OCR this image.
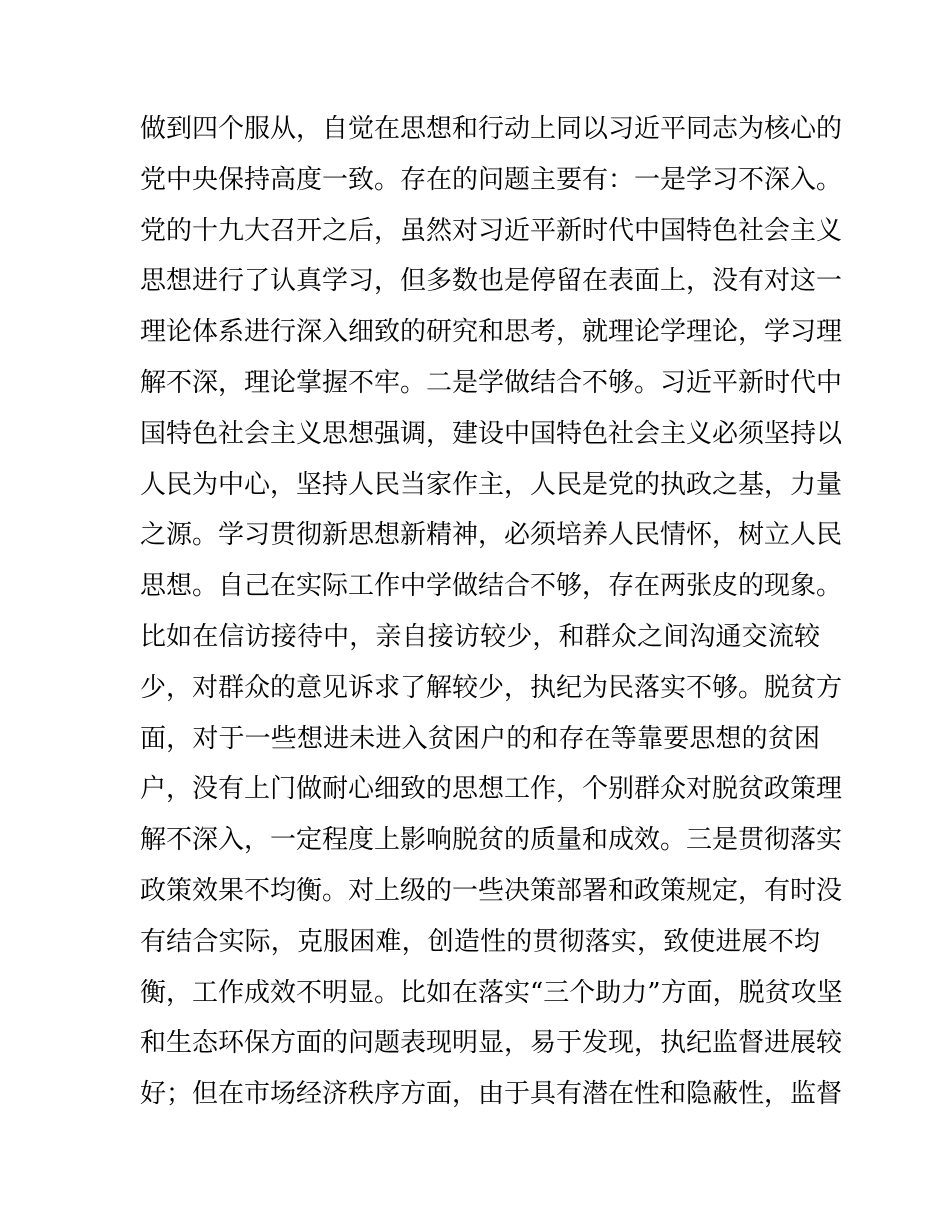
做到四个服从，自觉在思想和行动上同以习近平同志为核心的
党中央保持高度一致。存在的问题主要有：一是学习不深入。
党的十九大召开之后，虽然对习近平新时代中国特色社会主义
思想进行了认真学习，但多数也是停留在表面上，没有对这一
理论体系进行深入细致的研究和思考，就理论学理论，学习理
解不深，理论掌握不牢。二是学做结合不够。习近平新时代中
国特色社会主义思想强调，建设中国特色社会主义必须坚持以
人民为中心，坚持人民当家作主，人民是党的执政之基，力量
之源。学习贯彻新思想新精神，必须培养人民情怀，树立人民
思想。自己在实际工作中学做结合不够，存在两张皮的现象。
比如在信访接待中，亲自接访较少，和群众之间沟通交流较
少，对群众的意见诉求了解较少，执纪为民落实不够。脱贫方
面，对于一些想进未进入贫困户的和存在等靠要思想的贫困
户，没有上门做耐心细致的思想工作，个别群众对脱贫政策理
解不深入，一定程度上影响脱贫的质量和成效。三是贯彻落实
政策效果不均衡。对上级的一些决策部署和政策规定，有时没
有结合实际，克服困难，创造性的贯彻落实，致使进展不均
衡，工作成效不明显。比如在落实“三个助力”方面，脱贫攻坚
和生态环保方面的问题表现明显，易于发现，执纪监督进展较
好；但在市场经济秩序方面，由于具有潜在性和隐蔽性，监督
